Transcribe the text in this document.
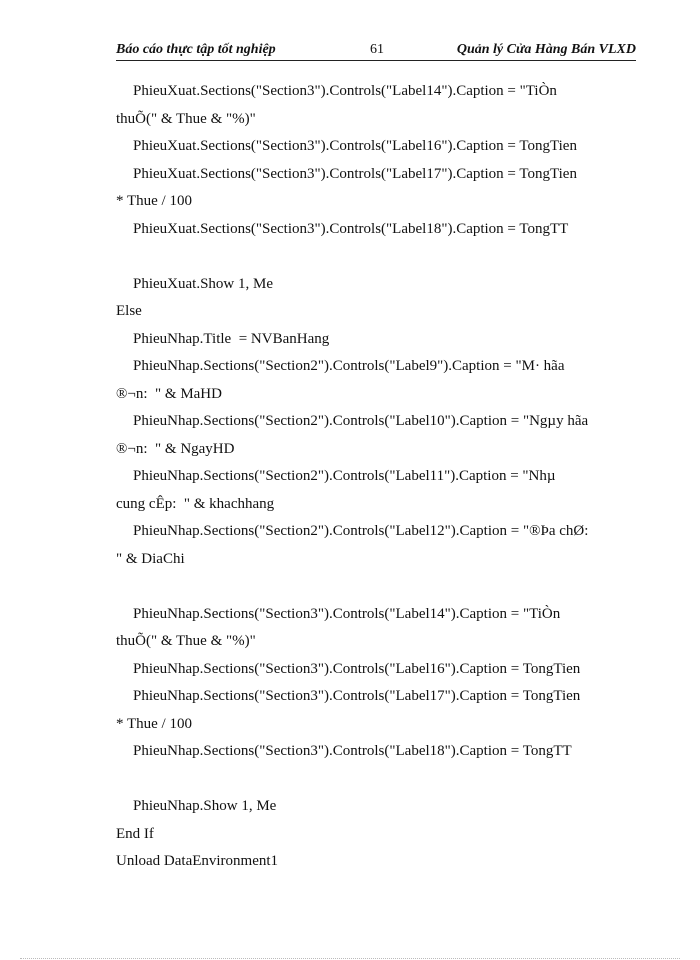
Báo cáo thực tập tốt nghiệp	61	Quản lý Cửa Hàng Bán VLXD
PhieuXuat.Sections("Section3").Controls("Label14").Caption = "TiÒn
thuÕ(" & Thue & "%)"
PhieuXuat.Sections("Section3").Controls("Label16").Caption = TongTien
PhieuXuat.Sections("Section3").Controls("Label17").Caption = TongTien
* Thue / 100
PhieuXuat.Sections("Section3").Controls("Label18").Caption = TongTT
PhieuXuat.Show 1, Me
Else
PhieuNhap.Title  = NVBanHang
PhieuNhap.Sections("Section2").Controls("Label9").Caption = "M· hãa
®¬n:  " & MaHD
PhieuNhap.Sections("Section2").Controls("Label10").Caption = "Ngµy hãa
®¬n:  " & NgayHD
PhieuNhap.Sections("Section2").Controls("Label11").Caption = "Nhµ
cung cÊp:  " & khachhang
PhieuNhap.Sections("Section2").Controls("Label12").Caption = "®Þa chØ:
" & DiaChi
PhieuNhap.Sections("Section3").Controls("Label14").Caption = "TiÒn
thuÕ(" & Thue & "%)"
PhieuNhap.Sections("Section3").Controls("Label16").Caption = TongTien
PhieuNhap.Sections("Section3").Controls("Label17").Caption = TongTien
* Thue / 100
PhieuNhap.Sections("Section3").Controls("Label18").Caption = TongTT
PhieuNhap.Show 1, Me
End If
Unload DataEnvironment1
